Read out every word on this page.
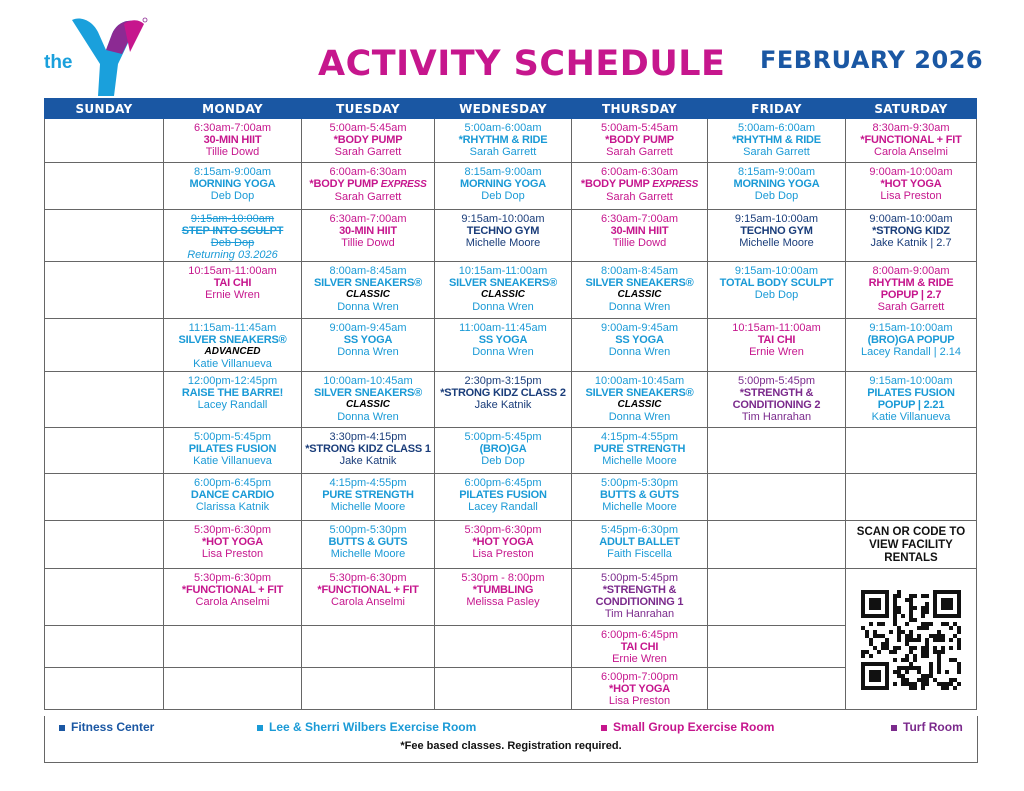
the	ACTIVITY SCHEDULE FEBRUARY 2026
SUNDAY	MONDAY	TUESDAY	WEDNESDAY	THURSDAY	FRIDAY	SATURDAY

	6:30am-7:00am
30-MIN HIIT
Tillie Dowd	5:00am-5:45am
*BODY PUMP
Sarah Garrett	5:00am-6:00am
*RHYTHM & RIDE
Sarah Garrett	5:00am-5:45am
*BODY PUMP
Sarah Garrett	5:00am-6:00am
*RHYTHM & RIDE
Sarah Garrett	8:30am-9:30am
*FUNCTIONAL + FIT
Carola Anselmi

	8:15am-9:00am
MORNING YOGA
Deb Dop	6:00am-6:30am
*BODY PUMP EXPRESS
Sarah Garrett	8:15am-9:00am
MORNING YOGA
Deb Dop	6:00am-6:30am
*BODY PUMP EXPRESS
Sarah Garrett	8:15am-9:00am
MORNING YOGA
Deb Dop	9:00am-10:00am
*HOT YOGA
Lisa Preston

	9:15am-10:00am
STEP INTO SCULPT
Deb Dop
Returning 03.2026	6:30am-7:00am
30-MIN HIIT
Tillie Dowd	9:15am-10:00am
TECHNO GYM
Michelle Moore	6:30am-7:00am
30-MIN HIIT
Tillie Dowd	9:15am-10:00am
TECHNO GYM
Michelle Moore	9:00am-10:00am
*STRONG KIDZ
Jake Katnik | 2.7

	10:15am-11:00am
TAI CHI
Ernie Wren	8:00am-8:45am
SILVER SNEAKERS®
CLASSIC
Donna Wren	10:15am-11:00am
SILVER SNEAKERS®
CLASSIC
Donna Wren	8:00am-8:45am
SILVER SNEAKERS®
CLASSIC
Donna Wren	9:15am-10:00am
TOTAL BODY SCULPT
Deb Dop	8:00am-9:00am
RHYTHM & RIDE
POPUP | 2.7
Sarah Garrett

	11:15am-11:45am
SILVER SNEAKERS®
ADVANCED
Katie Villanueva	9:00am-9:45am
SS YOGA
Donna Wren	11:00am-11:45am
SS YOGA
Donna Wren	9:00am-9:45am
SS YOGA
Donna Wren	10:15am-11:00am
TAI CHI
Ernie Wren	9:15am-10:00am
(BRO)GA POPUP
Lacey Randall | 2.14

	12:00pm-12:45pm
RAISE THE BARRE!
Lacey Randall	10:00am-10:45am
SILVER SNEAKERS®
CLASSIC
Donna Wren	2:30pm-3:15pm
*STRONG KIDZ CLASS 2
Jake Katnik	10:00am-10:45am
SILVER SNEAKERS®
CLASSIC
Donna Wren	5:00pm-5:45pm
*STRENGTH &
CONDITIONING 2
Tim Hanrahan	9:15am-10:00am
PILATES FUSION
POPUP | 2.21
Katie Villanueva

	5:00pm-5:45pm
PILATES FUSION
Katie Villanueva	3:30pm-4:15pm
*STRONG KIDZ CLASS 1
Jake Katnik	5:00pm-5:45pm
(BRO)GA
Deb Dop	4:15pm-4:55pm
PURE STRENGTH
Michelle Moore		

	6:00pm-6:45pm
DANCE CARDIO
Clarissa Katnik	4:15pm-4:55pm
PURE STRENGTH
Michelle Moore	6:00pm-6:45pm
PILATES FUSION
Lacey Randall	5:00pm-5:30pm
BUTTS & GUTS
Michelle Moore		

	5:30pm-6:30pm
*HOT YOGA
Lisa Preston	5:00pm-5:30pm
BUTTS & GUTS
Michelle Moore	5:30pm-6:30pm
*HOT YOGA
Lisa Preston	5:45pm-6:30pm
ADULT BALLET
Faith Fiscella		SCAN OR CODE TO VIEW FACILITY RENTALS

	5:30pm-6:30pm
*FUNCTIONAL + FIT
Carola Anselmi	5:30pm-6:30pm
*FUNCTIONAL + FIT
Carola Anselmi	5:30pm - 8:00pm
*TUMBLING
Melissa Pasley	5:00pm-5:45pm
*STRENGTH &
CONDITIONING 1
Tim Hanrahan

				6:00pm-6:45pm
TAI CHI
Ernie Wren		

				6:00pm-7:00pm
*HOT YOGA
Lisa Preston		

Fitness Center	Lee & Sherri Wilbers Exercise Room	Small Group Exercise Room	Turf Room
*Fee based classes. Registration required.
